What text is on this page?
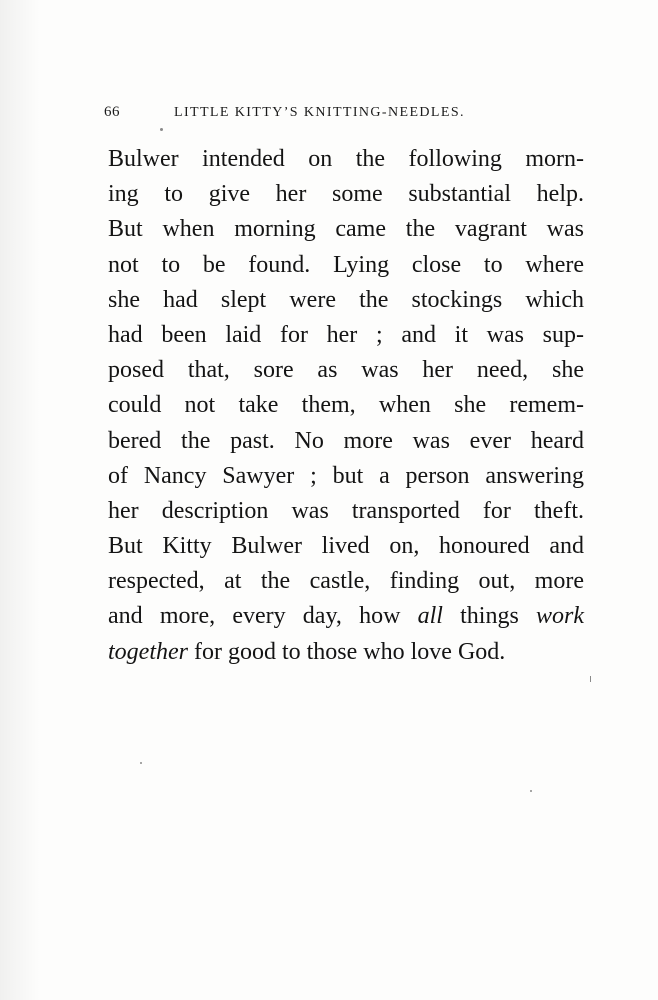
66	LITTLE KITTY’S KNITTING-NEEDLES.
Bulwer intended on the following morn-
ing to give her some substantial help.
But when morning came the vagrant was
not to be found. Lying close to where
she had slept were the stockings which
had been laid for her ; and it was sup-
posed that, sore as was her need, she
could not take them, when she remem-
bered the past. No more was ever heard
of Nancy Sawyer ; but a person answering
her description was transported for theft.
But Kitty Bulwer lived on, honoured and
respected, at the castle, finding out, more
and more, every day, how all things work
together for good to those who love God.
